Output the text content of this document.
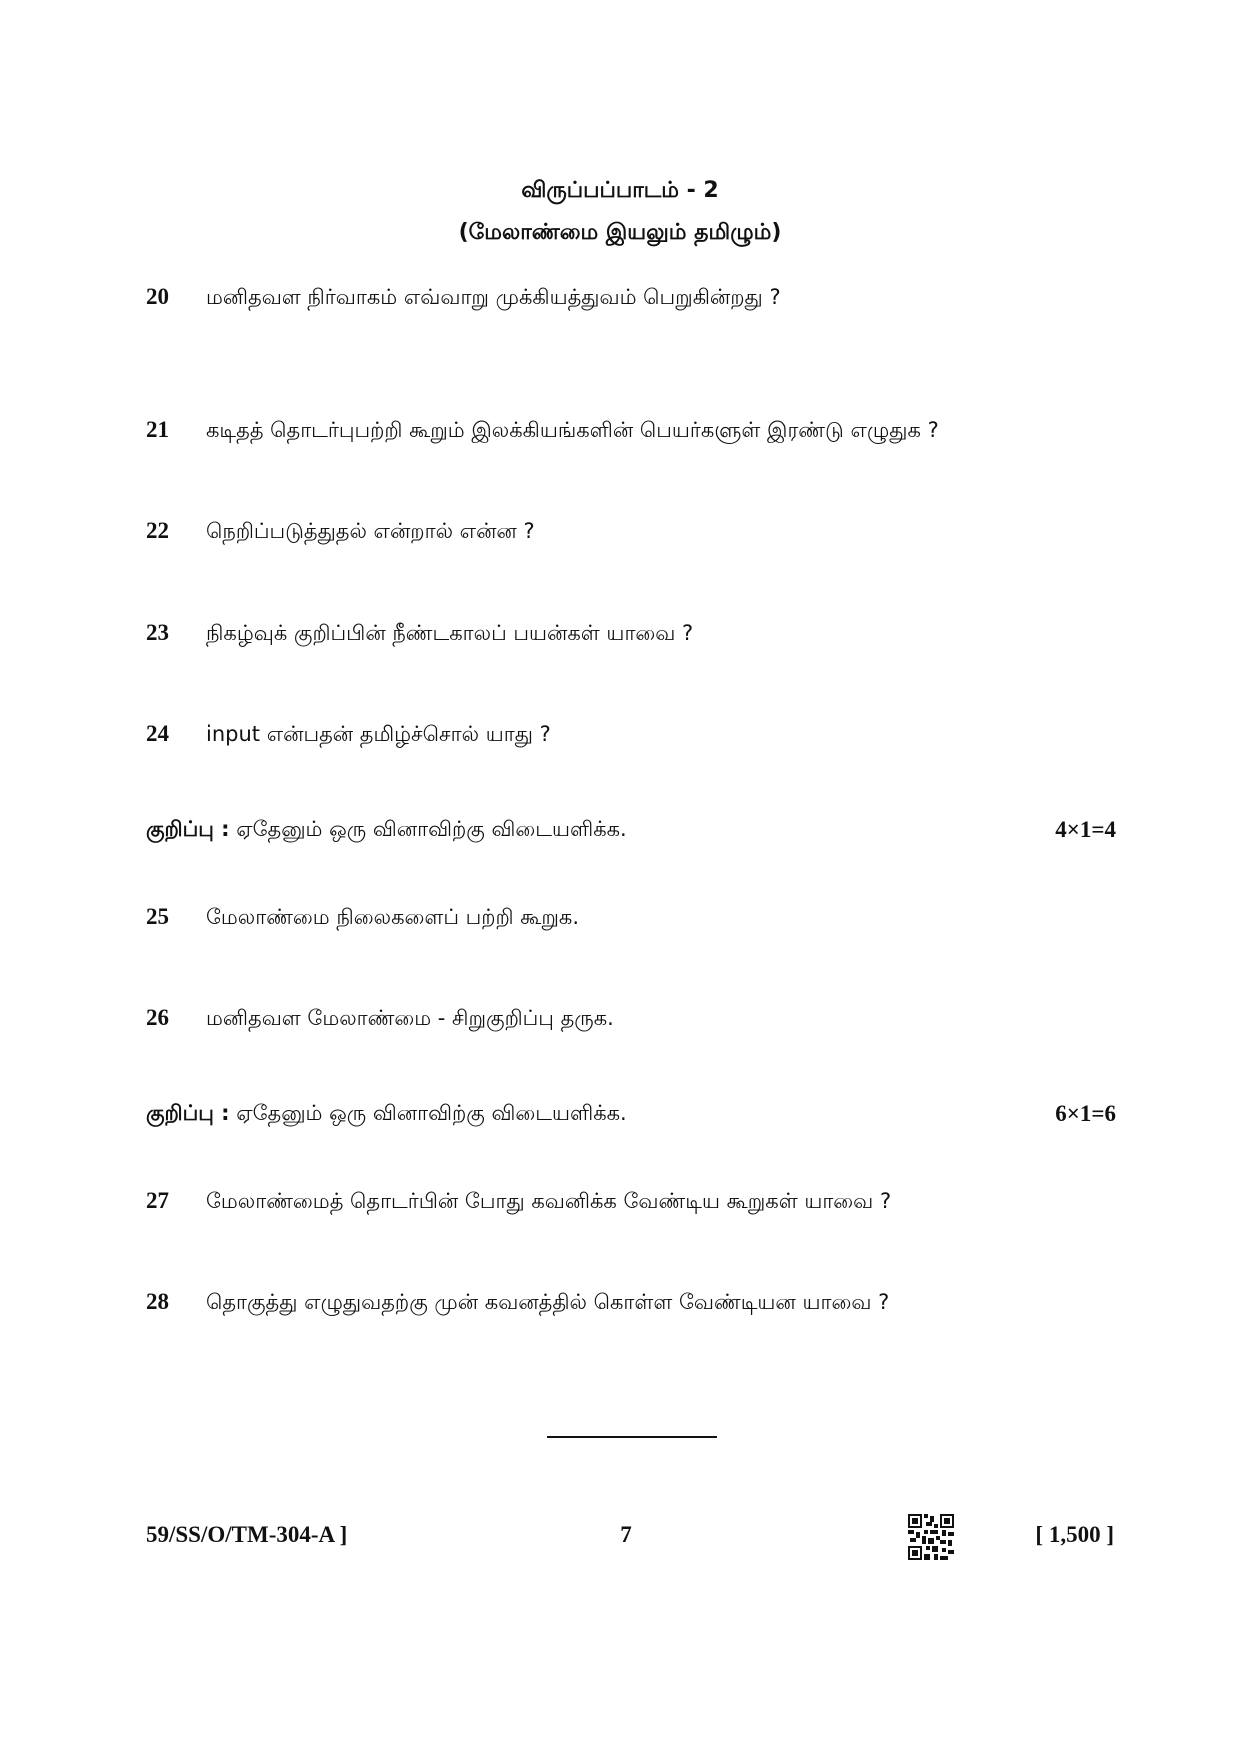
விருப்பப்பாடம் - 2
(மேலாண்மை இயலும் தமிழும்)
20 மனிதவள நிர்வாகம் எவ்வாறு முக்கியத்துவம் பெறுகின்றது ?
21 கடிதத் தொடர்புபற்றி கூறும் இலக்கியங்களின் பெயர்களுள் இரண்டு எழுதுக ?
22 நெறிப்படுத்துதல் என்றால் என்ன ?
23 நிகழ்வுக் குறிப்பின் நீண்டகாலப் பயன்கள் யாவை ?
24 input என்பதன் தமிழ்ச்சொல் யாது ?
குறிப்பு : ஏதேனும் ஒரு வினாவிற்கு விடையளிக்க.	4×1=4
25 மேலாண்மை நிலைகளைப் பற்றி கூறுக.
26 மனிதவள மேலாண்மை - சிறுகுறிப்பு தருக.
குறிப்பு : ஏதேனும் ஒரு வினாவிற்கு விடையளிக்க.	6×1=6
27 மேலாண்மைத் தொடர்பின் போது கவனிக்க வேண்டிய கூறுகள் யாவை ?
28 தொகுத்து எழுதுவதற்கு முன் கவனத்தில் கொள்ள வேண்டியன யாவை ?
59/SS/O/TM-304-A ]	7	[ 1,500 ]
